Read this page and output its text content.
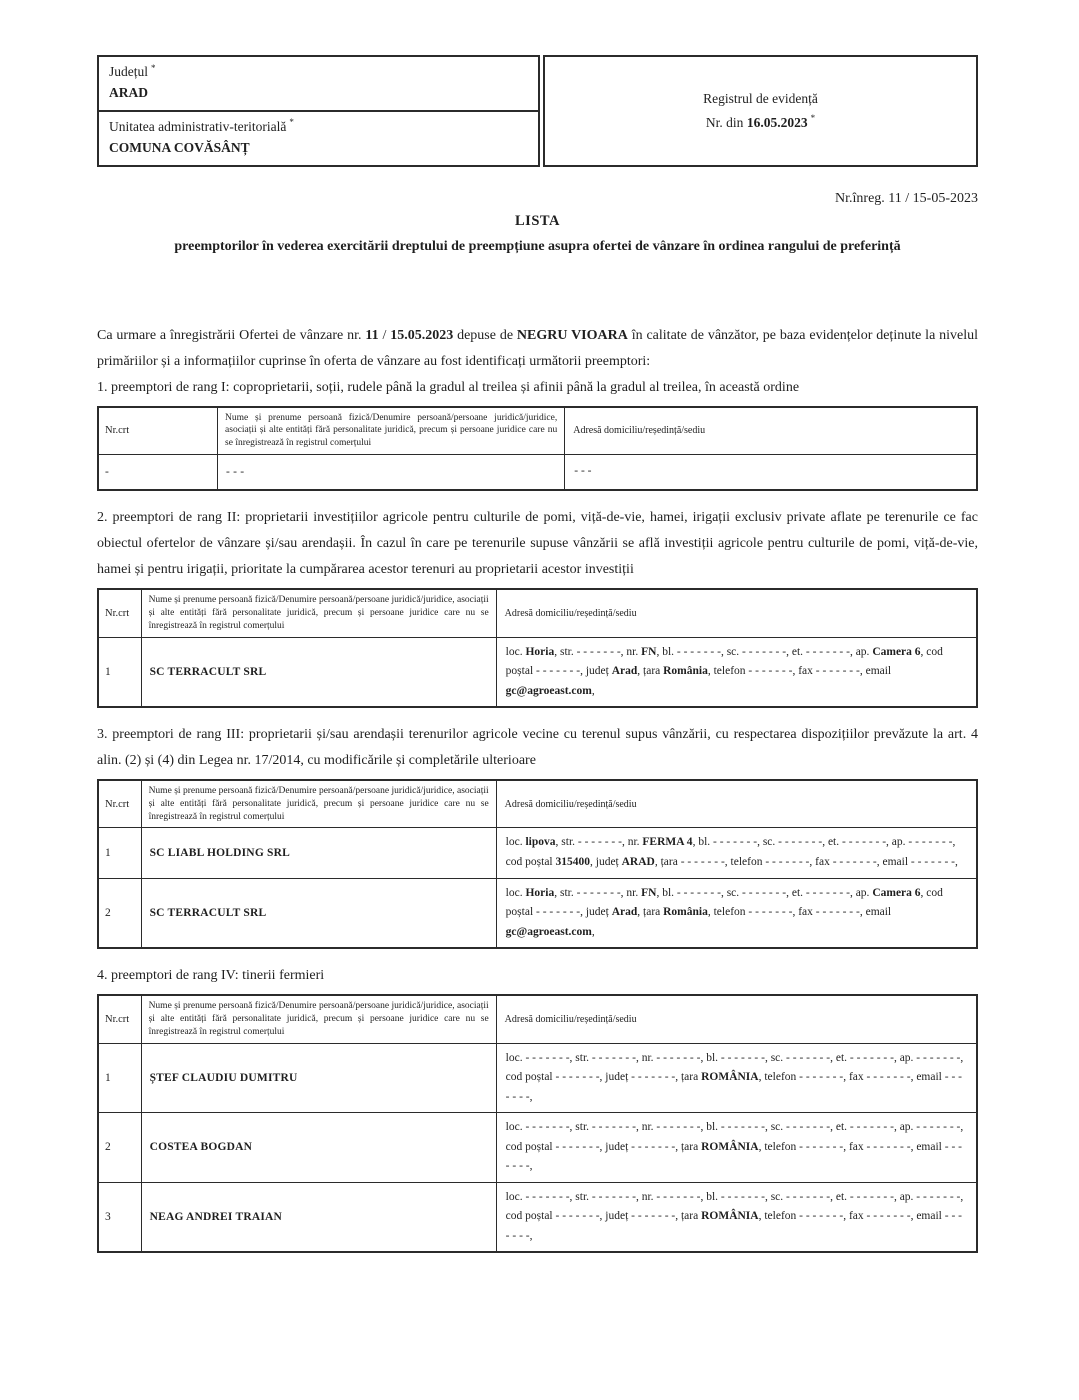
Județul *
ARAD
Unitatea administrativ-teritorială *
COMUNA COVĂSÂNȚ
Registrul de evidență
Nr. din 16.05.2023 *
Nr.înreg. 11 / 15-05-2023
LISTA
preemptorilor în vederea exercitării dreptului de preempțiune asupra ofertei de vânzare în ordinea rangului de preferință

Ca urmare a înregistrării Ofertei de vânzare nr. 11 / 15.05.2023 depuse de NEGRU VIOARA în calitate de vânzător, pe baza evidențelor deținute la nivelul primăriilor și a informațiilor cuprinse în oferta de vânzare au fost identificați următorii preemptori:

1. preemptori de rang I: coproprietarii, soții, rudele până la gradul al treilea și afinii până la gradul al treilea, în această ordine

Nr.crt	Nume și prenume persoană fizică/Denumire persoană/persoane juridică/juridice, asociații și alte entități fără personalitate juridică, precum și persoane juridice care nu se înregistrează în registrul comerțului	Adresă domiciliu/reședință/sediu
-	- - -	- - -

2. preemptori de rang II: proprietarii investițiilor agricole pentru culturile de pomi, viță-de-vie, hamei, irigații exclusiv private aflate pe terenurile ce fac obiectul ofertelor de vânzare și/sau arendașii. În cazul în care pe terenurile supuse vânzării se află investiții agricole pentru culturile de pomi, viță-de-vie, hamei și pentru irigații, prioritate la cumpărarea acestor terenuri au proprietarii acestor investiții

Nr.crt	Nume și prenume persoană fizică/Denumire persoană/persoane juridică/juridice, asociații și alte entități fără personalitate juridică, precum și persoane juridice care nu se înregistrează în registrul comerțului	Adresă domiciliu/reședință/sediu
1	SC TERRACULT SRL	loc. Horia, str. - - - - - - -, nr. FN, bl. - - - - - - -, sc. - - - - - - -, et. - - - - - - -, ap. Camera 6, cod poștal - - - - - - -, județ Arad, țara România, telefon - - - - - - -, fax - - - - - - -, email gc@agroeast.com,

3. preemptori de rang III: proprietarii și/sau arendașii terenurilor agricole vecine cu terenul supus vânzării, cu respectarea dispozițiilor prevăzute la art. 4 alin. (2) și (4) din Legea nr. 17/2014, cu modificările și completările ulterioare

Nr.crt	Nume și prenume persoană fizică/Denumire persoană/persoane juridică/juridice, asociații și alte entități fără personalitate juridică, precum și persoane juridice care nu se înregistrează în registrul comerțului	Adresă domiciliu/reședință/sediu
1	SC LIABL HOLDING SRL	loc. lipova, str. - - - - - - -, nr. FERMA 4, bl. - - - - - - -, sc. - - - - - - -, et. - - - - - - -, ap. - - - - - - -, cod poștal 315400, județ ARAD, țara - - - - - - -, telefon - - - - - - -, fax - - - - - - -, email - - - - - - -,
2	SC TERRACULT SRL	loc. Horia, str. - - - - - - -, nr. FN, bl. - - - - - - -, sc. - - - - - - -, et. - - - - - - -, ap. Camera 6, cod poștal - - - - - - -, județ Arad, țara România, telefon - - - - - - -, fax - - - - - - -, email gc@agroeast.com,

4. preemptori de rang IV: tinerii fermieri

Nr.crt	Nume și prenume persoană fizică/Denumire persoană/persoane juridică/juridice, asociații și alte entități fără personalitate juridică, precum și persoane juridice care nu se înregistrează în registrul comerțului	Adresă domiciliu/reședință/sediu
1	ȘTEF CLAUDIU DUMITRU	loc. - - - - - - -, str. - - - - - - -, nr. - - - - - - -, bl. - - - - - - -, sc. - - - - - - -, et. - - - - - - -, ap. - - - - - - -, cod poștal - - - - - - -, județ - - - - - - -, țara ROMÂNIA, telefon - - - - - - -, fax - - - - - - -, email - - - - - - -,
2	COSTEA BOGDAN	loc. - - - - - - -, str. - - - - - - -, nr. - - - - - - -, bl. - - - - - - -, sc. - - - - - - -, et. - - - - - - -, ap. - - - - - - -, cod poștal - - - - - - -, județ - - - - - - -, țara ROMÂNIA, telefon - - - - - - -, fax - - - - - - -, email - - - - - - -,
3	NEAG ANDREI TRAIAN	loc. - - - - - - -, str. - - - - - - -, nr. - - - - - - -, bl. - - - - - - -, sc. - - - - - - -, et. - - - - - - -, ap. - - - - - - -, cod poștal - - - - - - -, județ - - - - - - -, țara ROMÂNIA, telefon - - - - - - -, fax - - - - - - -, email - - - - - - -,
